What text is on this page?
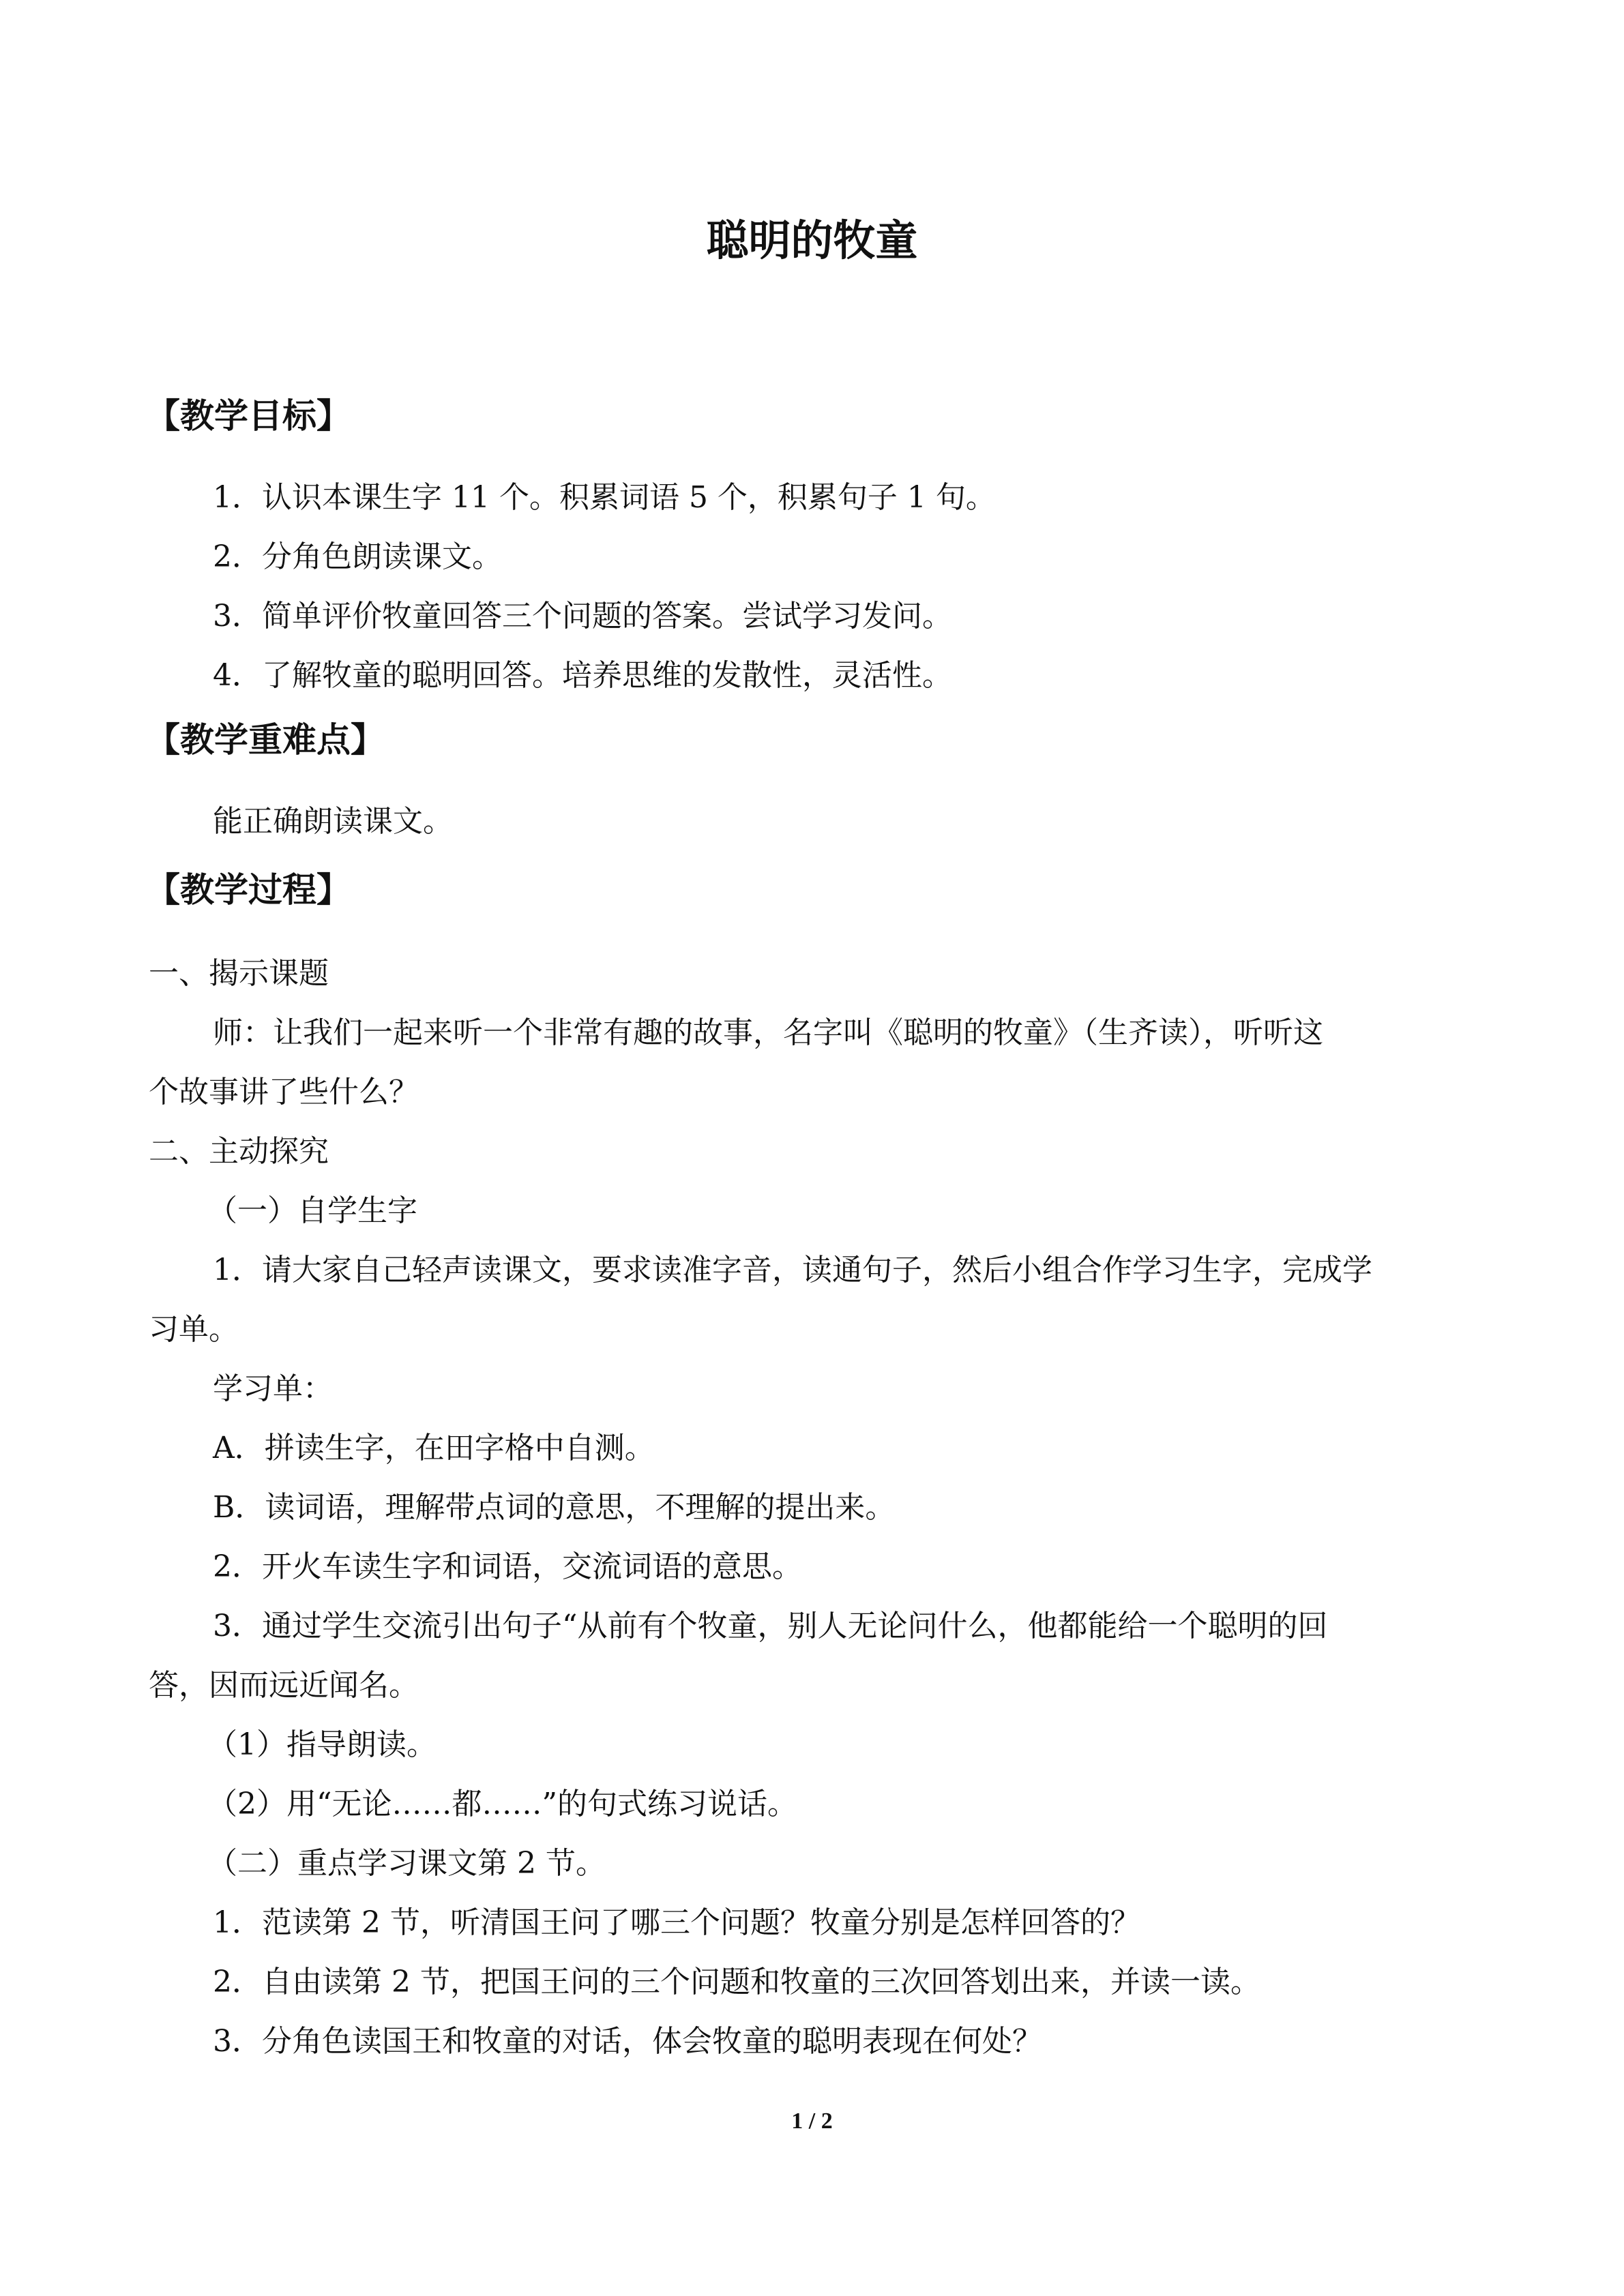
聪明的牧童
【教学目标】

1．认识本课生字 11 个。积累词语 5 个，积累句子 1 句。

2．分角色朗读课文。

3．简单评价牧童回答三个问题的答案。尝试学习发问。

4．了解牧童的聪明回答。培养思维的发散性，灵活性。

【教学重难点】

能正确朗读课文。

【教学过程】

一、揭示课题

师：让我们一起来听一个非常有趣的故事，名字叫《聪明的牧童》（生齐读），听听这

个故事讲了些什么？

二、主动探究

（一）自学生字

1．请大家自己轻声读课文，要求读准字音，读通句子，然后小组合作学习生字，完成学

习单。

学习单：

A．拼读生字，在田字格中自测。

B．读词语，理解带点词的意思，不理解的提出来。

2．开火车读生字和词语，交流词语的意思。

3．通过学生交流引出句子“从前有个牧童，别人无论问什么，他都能给一个聪明的回

答，因而远近闻名。

（1）指导朗读。

（2）用“无论……都……”的句式练习说话。

（二）重点学习课文第 2 节。

1．范读第 2 节，听清国王问了哪三个问题？牧童分别是怎样回答的？

2．自由读第 2 节，把国王问的三个问题和牧童的三次回答划出来，并读一读。

3．分角色读国王和牧童的对话，体会牧童的聪明表现在何处？

1 / 2
